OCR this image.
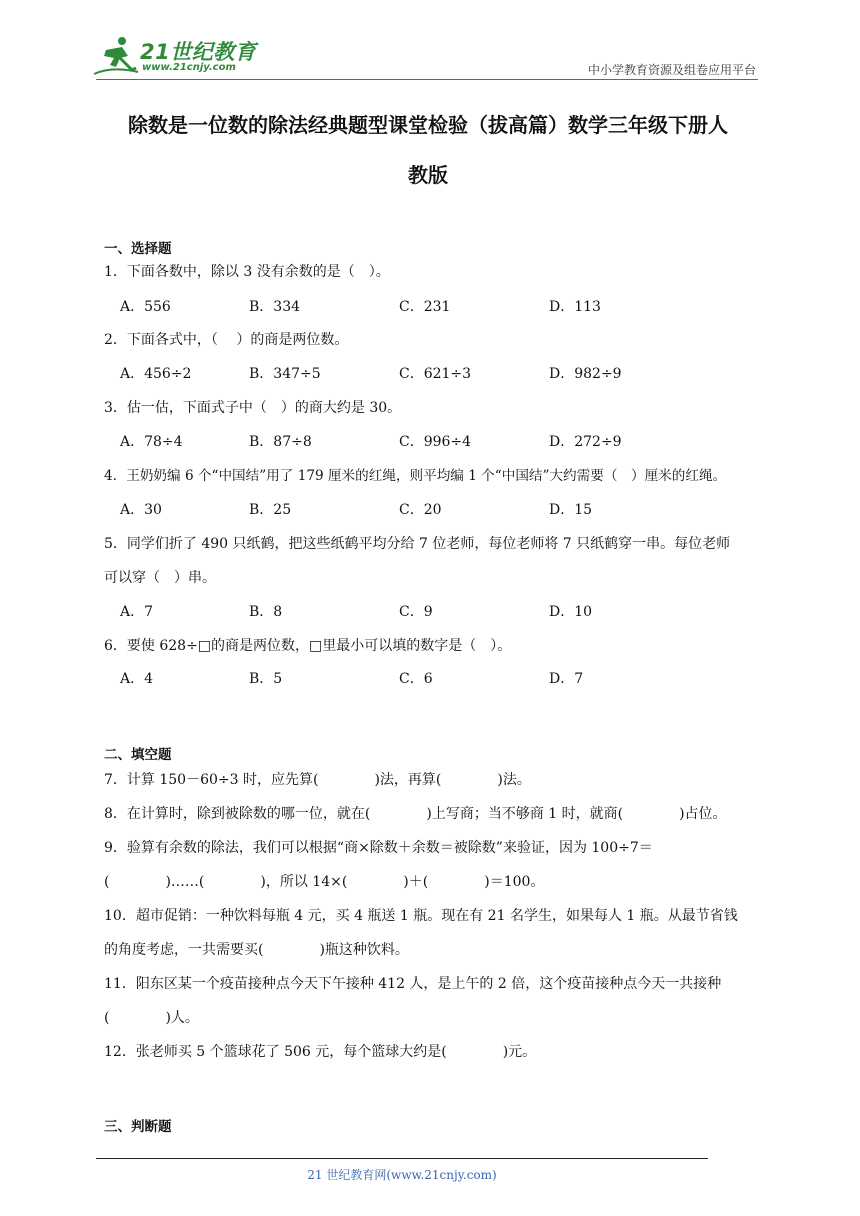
21世纪教育
www.21cnjy.com	中小学教育资源及组卷应用平台
除数是一位数的除法经典题型课堂检验（拔高篇）数学三年级下册人
教版
一、选择题
1．下面各数中，除以 3 没有余数的是（　）。
A．556	B．334	C．231	D．113
2．下面各式中，（　 ）的商是两位数。
A．456÷2	B．347÷5	C．621÷3	D．982÷9
3．估一估，下面式子中（　）的商大约是 30。
A．78÷4	B．87÷8	C．996÷4	D．272÷9
4．王奶奶编 6 个“中国结”用了 179 厘米的红绳，则平均编 1 个“中国结”大约需要（　）厘米的红绳。
A．30	B．25	C．20	D．15
5．同学们折了 490 只纸鹤，把这些纸鹤平均分给 7 位老师，每位老师将 7 只纸鹤穿一串。每位老师
可以穿（　）串。
A．7	B．8	C．9	D．10
6．要使 628÷□的商是两位数，□里最小可以填的数字是（　）。
A．4	B．5	C．6	D．7
二、填空题
7．计算 150－60÷3 时，应先算(　　　　)法，再算(　　　　)法。
8．在计算时，除到被除数的哪一位，就在(　　　　)上写商；当不够商 1 时，就商(　　　　)占位。
9．验算有余数的除法，我们可以根据“商×除数＋余数＝被除数”来验证，因为 100÷7＝
(　　　　)……(　　　　)，所以 14×(　　　　)＋(　　　　)＝100。
10．超市促销：一种饮料每瓶 4 元，买 4 瓶送 1 瓶。现在有 21 名学生，如果每人 1 瓶。从最节省钱
的角度考虑，一共需要买(　　　　)瓶这种饮料。
11．阳东区某一个疫苗接种点今天下午接种 412 人，是上午的 2 倍，这个疫苗接种点今天一共接种
(　　　　)人。
12．张老师买 5 个篮球花了 506 元，每个篮球大约是(　　　　)元。
三、判断题
21 世纪教育网(www.21cnjy.com)
